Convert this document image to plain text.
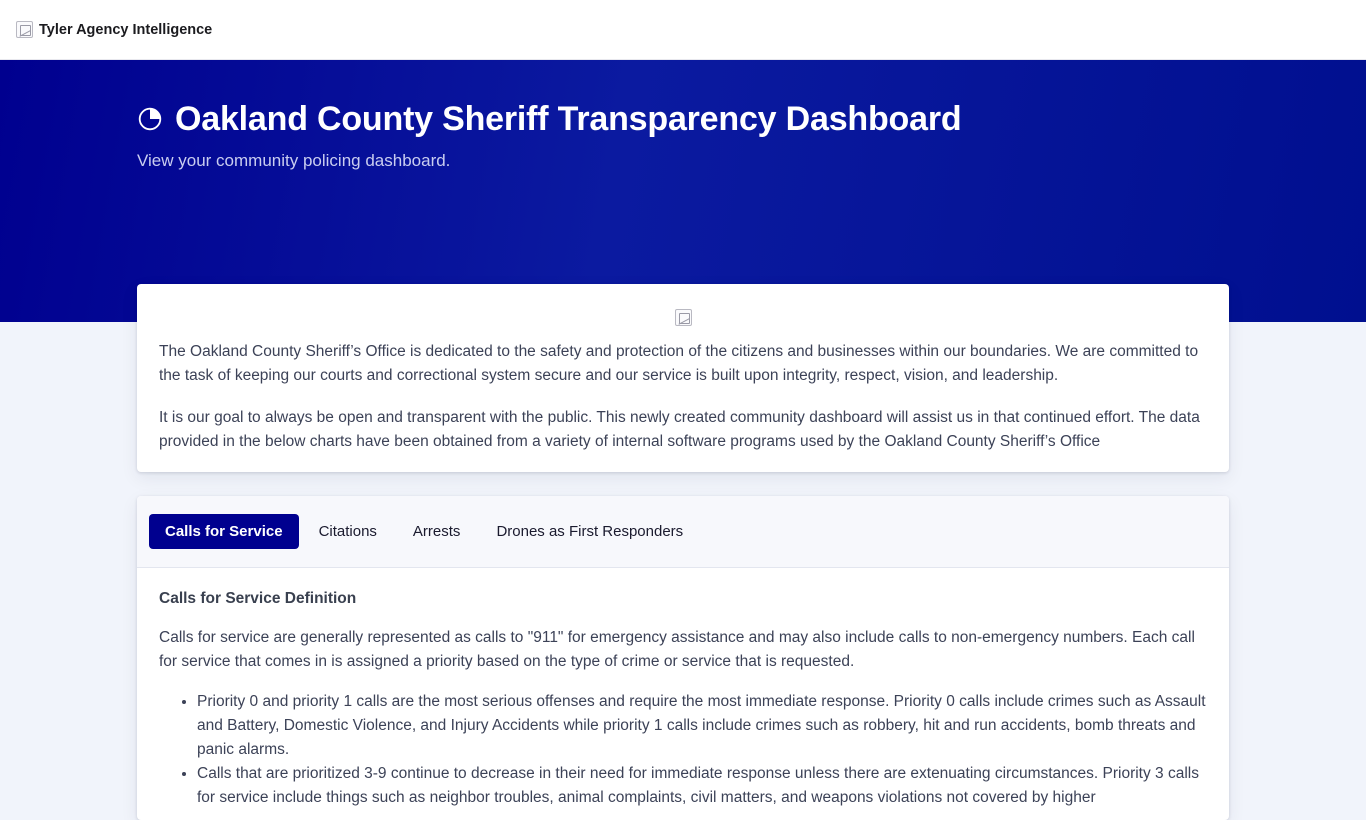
Tyler Agency Intelligence
Oakland County Sheriff Transparency Dashboard

View your community policing dashboard.

The Oakland County Sheriff’s Office is dedicated to the safety and protection of the citizens and businesses within our boundaries. We are committed to the task of keeping our courts and correctional system secure and our service is built upon integrity, respect, vision, and leadership.

It is our goal to always be open and transparent with the public. This newly created community dashboard will assist us in that continued effort. The data provided in the below charts have been obtained from a variety of internal software programs used by the Oakland County Sheriff’s Office

Calls for Service	Citations	Arrests	Drones as First Responders
Calls for Service Definition

Calls for service are generally represented as calls to "911" for emergency assistance and may also include calls to non-emergency numbers. Each call for service that comes in is assigned a priority based on the type of crime or service that is requested.

• Priority 0 and priority 1 calls are the most serious offenses and require the most immediate response. Priority 0 calls include crimes such as Assault and Battery, Domestic Violence, and Injury Accidents while priority 1 calls include crimes such as robbery, hit and run accidents, bomb threats and panic alarms.
• Calls that are prioritized 3-9 continue to decrease in their need for immediate response unless there are extenuating circumstances. Priority 3 calls for service include things such as neighbor troubles, animal complaints, civil matters, and weapons violations not covered by higher
